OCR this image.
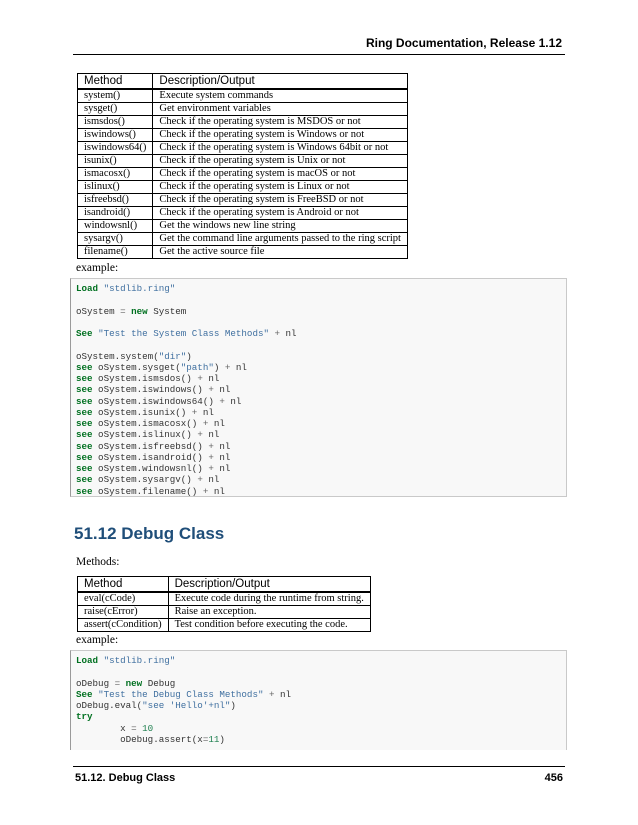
Ring Documentation, Release 1.12
Method	Description/Output
system()	Execute system commands
sysget()	Get environment variables
ismsdos()	Check if the operating system is MSDOS or not
iswindows()	Check if the operating system is Windows or not
iswindows64()	Check if the operating system is Windows 64bit or not
isunix()	Check if the operating system is Unix or not
ismacosx()	Check if the operating system is macOS or not
islinux()	Check if the operating system is Linux or not
isfreebsd()	Check if the operating system is FreeBSD or not
isandroid()	Check if the operating system is Android or not
windowsnl()	Get the windows new line string
sysargv()	Get the command line arguments passed to the ring script
filename()	Get the active source file
example:
Load "stdlib.ring"
oSystem = new System
See "Test the System Class Methods" + nl
oSystem.system("dir")
see oSystem.sysget("path") + nl
see oSystem.ismsdos() + nl
see oSystem.iswindows() + nl
see oSystem.iswindows64() + nl
see oSystem.isunix() + nl
see oSystem.ismacosx() + nl
see oSystem.islinux() + nl
see oSystem.isfreebsd() + nl
see oSystem.isandroid() + nl
see oSystem.windowsnl() + nl
see oSystem.sysargv() + nl
see oSystem.filename() + nl
51.12 Debug Class
Methods:
Method	Description/Output
eval(cCode)	Execute code during the runtime from string.
raise(cError)	Raise an exception.
assert(cCondition)	Test condition before executing the code.
example:
Load "stdlib.ring"
oDebug = new Debug
See "Test the Debug Class Methods" + nl
oDebug.eval("see 'Hello'+nl")
try
x = 10
oDebug.assert(x=11)
51.12. Debug Class	456
